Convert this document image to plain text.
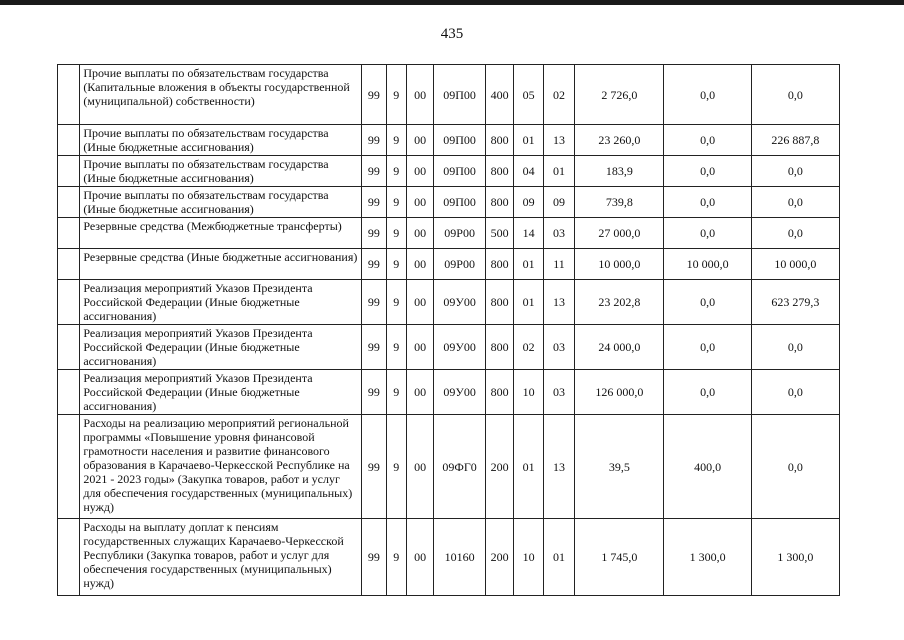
435
	Прочие выплаты по обязательствам государства (Капитальные вложения в объекты государственной (муниципальной) собственности)	99	9	00	09П00	400	05	02	2 726,0	0,0	0,0
	Прочие выплаты по обязательствам государства (Иные бюджетные ассигнования)	99	9	00	09П00	800	01	13	23 260,0	0,0	226 887,8
	Прочие выплаты по обязательствам государства (Иные бюджетные ассигнования)	99	9	00	09П00	800	04	01	183,9	0,0	0,0
	Прочие выплаты по обязательствам государства (Иные бюджетные ассигнования)	99	9	00	09П00	800	09	09	739,8	0,0	0,0
	Резервные средства (Межбюджетные трансферты)	99	9	00	09Р00	500	14	03	27 000,0	0,0	0,0
	Резервные средства (Иные бюджетные ассигнования)	99	9	00	09Р00	800	01	11	10 000,0	10 000,0	10 000,0
	Реализация мероприятий Указов Президента Российской Федерации (Иные бюджетные ассигнования)	99	9	00	09У00	800	01	13	23 202,8	0,0	623 279,3
	Реализация мероприятий Указов Президента Российской Федерации (Иные бюджетные ассигнования)	99	9	00	09У00	800	02	03	24 000,0	0,0	0,0
	Реализация мероприятий Указов Президента Российской Федерации (Иные бюджетные ассигнования)	99	9	00	09У00	800	10	03	126 000,0	0,0	0,0
	Расходы на реализацию мероприятий региональной программы «Повышение уровня финансовой грамотности населения и развитие финансового образования в Карачаево-Черкесской Республике на 2021 - 2023 годы» (Закупка товаров, работ и услуг для обеспечения государственных (муниципальных) нужд)	99	9	00	09ФГ0	200	01	13	39,5	400,0	0,0
	Расходы на выплату доплат к пенсиям государственных служащих Карачаево-Черкесской Республики (Закупка товаров, работ и услуг для обеспечения государственных (муниципальных) нужд)	99	9	00	10160	200	10	01	1 745,0	1 300,0	1 300,0
